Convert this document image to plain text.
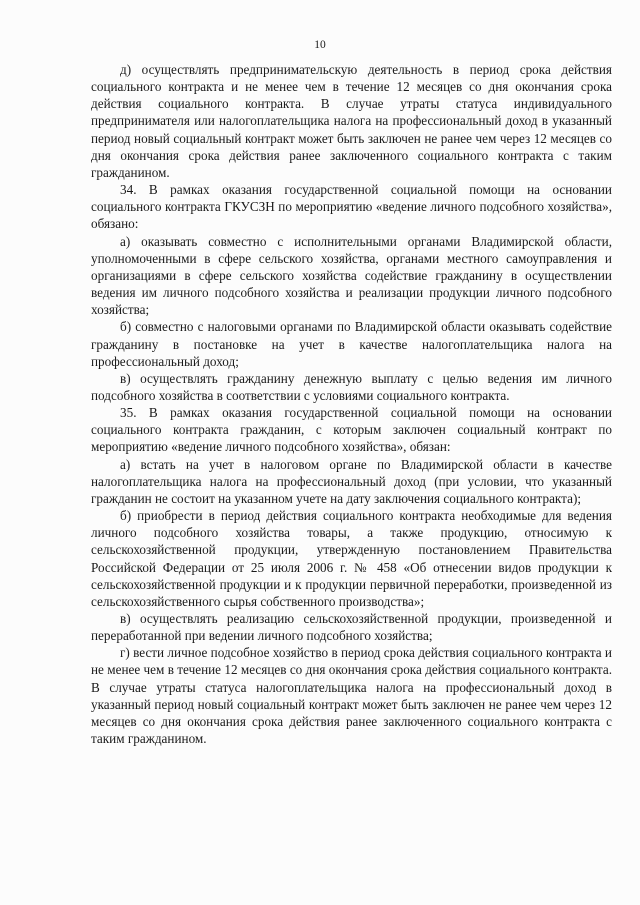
10

д) осуществлять предпринимательскую деятельность в период срока действия социального контракта и не менее чем в течение 12 месяцев со дня окончания срока действия социального контракта. В случае утраты статуса индивидуального предпринимателя или налогоплательщика налога на профессиональный доход в указанный период новый социальный контракт может быть заключен не ранее чем через 12 месяцев со дня окончания срока действия ранее заключенного социального контракта с таким гражданином.

34. В рамках оказания государственной социальной помощи на основании социального контракта ГКУСЗН по мероприятию «ведение личного подсобного хозяйства», обязано:

а) оказывать совместно с исполнительными органами Владимирской области, уполномоченными в сфере сельского хозяйства, органами местного самоуправления и организациями в сфере сельского хозяйства содействие гражданину в осуществлении ведения им личного подсобного хозяйства и реализации продукции личного подсобного хозяйства;

б) совместно с налоговыми органами по Владимирской области оказывать содействие гражданину в постановке на учет в качестве налогоплательщика налога на профессиональный доход;

в) осуществлять гражданину денежную выплату с целью ведения им личного подсобного хозяйства в соответствии с условиями социального контракта.

35. В рамках оказания государственной социальной помощи на основании социального контракта гражданин, с которым заключен социальный контракт по мероприятию «ведение личного подсобного хозяйства», обязан:

а) встать на учет в налоговом органе по Владимирской области в качестве налогоплательщика налога на профессиональный доход (при условии, что указанный гражданин не состоит на указанном учете на дату заключения социального контракта);

б) приобрести в период действия социального контракта необходимые для ведения личного подсобного хозяйства товары, а также продукцию, относимую к сельскохозяйственной продукции, утвержденную постановлением Правительства Российской Федерации от 25 июля 2006 г. № 458 «Об отнесении видов продукции к сельскохозяйственной продукции и к продукции первичной переработки, произведенной из сельскохозяйственного сырья собственного производства»;

в) осуществлять реализацию сельскохозяйственной продукции, произведенной и переработанной при ведении личного подсобного хозяйства;

г) вести личное подсобное хозяйство в период срока действия социального контракта и не менее чем в течение 12 месяцев со дня окончания срока действия социального контракта. В случае утраты статуса налогоплательщика налога на профессиональный доход в указанный период новый социальный контракт может быть заключен не ранее чем через 12 месяцев со дня окончания срока действия ранее заключенного социального контракта с таким гражданином.
